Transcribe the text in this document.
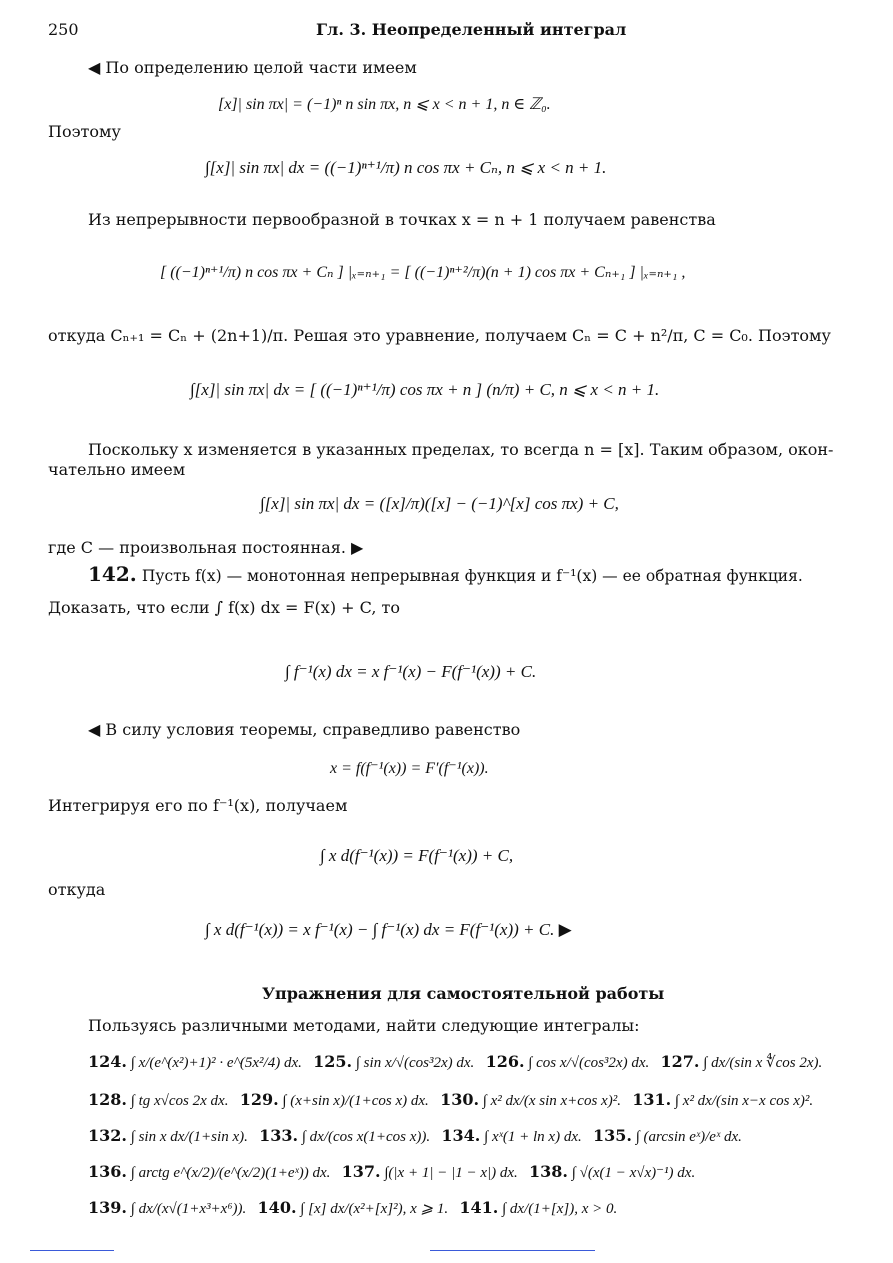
250	Гл. 3. Неопределенный интеграл
◀ По определению целой части имеем
[x]| sin πx| = (−1)ⁿ n sin πx, n ⩽ x < n + 1, n ∈ ℤ₀.
Поэтому
∫[x]| sin πx| dx = ((−1)ⁿ⁺¹/π) n cos πx + Cₙ, n ⩽ x < n + 1.
Из непрерывности первообразной в точках x = n + 1 получаем равенства
[ ((−1)ⁿ⁺¹/π) n cos πx + Cₙ ] |ₓ₌ₙ₊₁ = [ ((−1)ⁿ⁺²/π)(n + 1) cos πx + Cₙ₊₁ ] |ₓ₌ₙ₊₁ ,
откуда Cₙ₊₁ = Cₙ + (2n+1)/π. Решая это уравнение, получаем Cₙ = C + n²/π, C = C₀. Поэтому
∫[x]| sin πx| dx = [ ((−1)ⁿ⁺¹/π) cos πx + n ] (n/π) + C, n ⩽ x < n + 1.
Поскольку x изменяется в указанных пределах, то всегда n = [x]. Таким образом, окон-
чательно имеем
∫[x]| sin πx| dx = ([x]/π)([x] − (−1)^[x] cos πx) + C,
где C — произвольная постоянная. ▶
142. Пусть f(x) — монотонная непрерывная функция и f⁻¹(x) — ее обратная функция.
Доказать, что если ∫ f(x) dx = F(x) + C, то
∫ f⁻¹(x) dx = x f⁻¹(x) − F(f⁻¹(x)) + C.
◀ В силу условия теоремы, справедливо равенство
x = f(f⁻¹(x)) = F′(f⁻¹(x)).
Интегрируя его по f⁻¹(x), получаем
∫ x d(f⁻¹(x)) = F(f⁻¹(x)) + C,
откуда
∫ x d(f⁻¹(x)) = x f⁻¹(x) − ∫ f⁻¹(x) dx = F(f⁻¹(x)) + C. ▶
Упражнения для самостоятельной работы
Пользуясь различными методами, найти следующие интегралы:
124. ∫ x/(e^(x²)+1)² · e^(5x²/4) dx. 125. ∫ sin x/√(cos³2x) dx. 126. ∫ cos x/√(cos³2x) dx. 127. ∫ dx/(sin x ∜cos 2x).
128. ∫ tg x√cos 2x dx. 129. ∫ (x+sin x)/(1+cos x) dx. 130. ∫ x² dx/(x sin x+cos x)². 131. ∫ x² dx/(sin x−x cos x)².
132. ∫ sin x dx/(1+sin x). 133. ∫ dx/(cos x(1+cos x)). 134. ∫ xˣ(1 + ln x) dx. 135. ∫ (arcsin eˣ)/eˣ dx.
136. ∫ arctg e^(x/2)/(e^(x/2)(1+eˣ)) dx. 137. ∫(|x + 1| − |1 − x|) dx. 138. ∫ √(x(1 − x√x)⁻¹) dx.
139. ∫ dx/(x√(1+x³+x⁶)). 140. ∫ [x] dx/(x²+[x]²), x ⩾ 1. 141. ∫ dx/(1+[x]), x > 0.
